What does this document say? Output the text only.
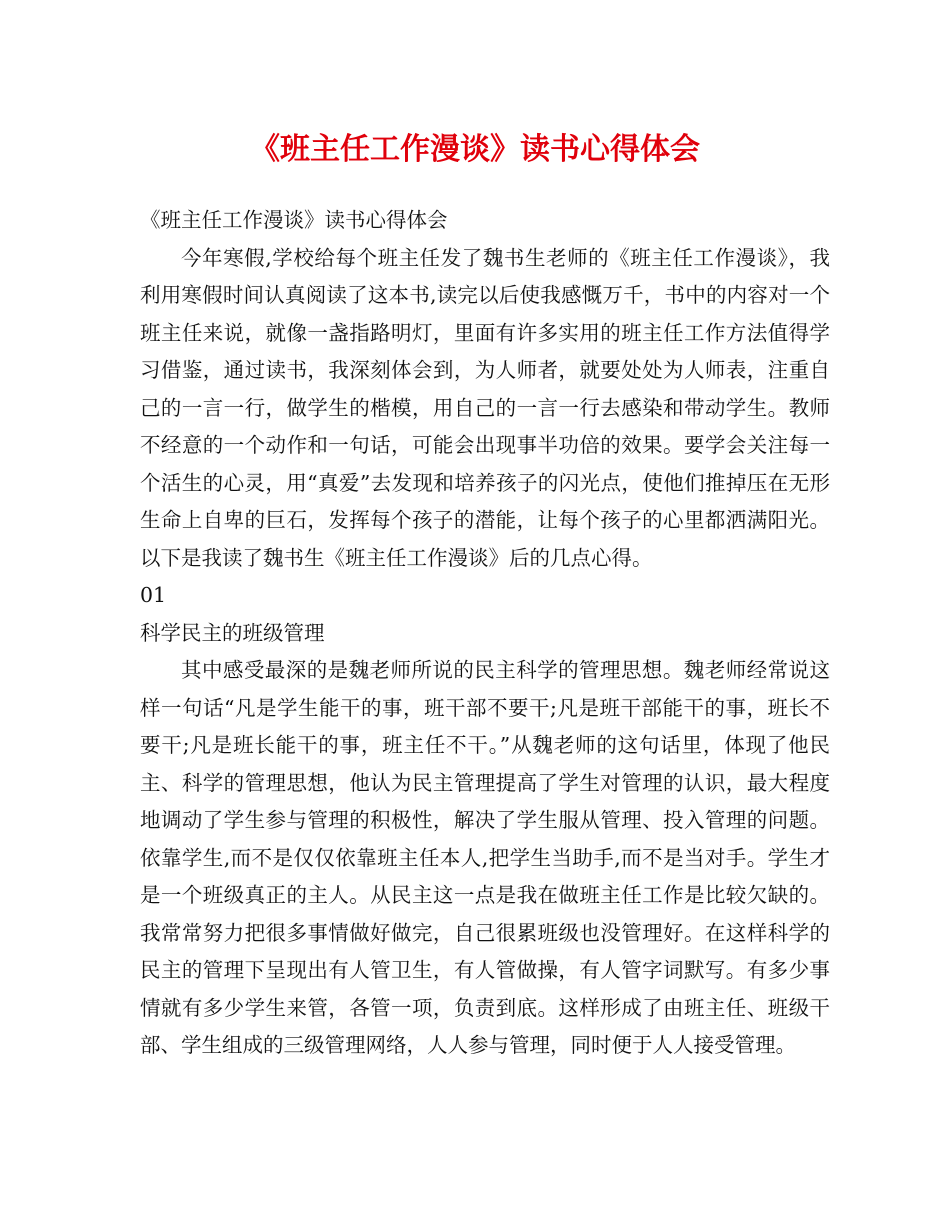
《班主任工作漫谈》读书心得体会

《班主任工作漫谈》读书心得体会

今年寒假,学校给每个班主任发了魏书生老师的《班主任工作漫谈》，我利用寒假时间认真阅读了这本书,读完以后使我感慨万千，书中的内容对一个班主任来说，就像一盏指路明灯，里面有许多实用的班主任工作方法值得学习借鉴，通过读书，我深刻体会到，为人师者，就要处处为人师表，注重自己的一言一行，做学生的楷模，用自己的一言一行去感染和带动学生。教师不经意的一个动作和一句话，可能会出现事半功倍的效果。要学会关注每一个活生的心灵，用“真爱”去发现和培养孩子的闪光点，使他们推掉压在无形生命上自卑的巨石，发挥每个孩子的潜能，让每个孩子的心里都洒满阳光。以下是我读了魏书生《班主任工作漫谈》后的几点心得。

01

科学民主的班级管理

其中感受最深的是魏老师所说的民主科学的管理思想。魏老师经常说这样一句话“凡是学生能干的事，班干部不要干;凡是班干部能干的事，班长不要干;凡是班长能干的事，班主任不干。”从魏老师的这句话里，体现了他民主、科学的管理思想，他认为民主管理提高了学生对管理的认识，最大程度地调动了学生参与管理的积极性，解决了学生服从管理、投入管理的问题。依靠学生,而不是仅仅依靠班主任本人,把学生当助手,而不是当对手。学生才是一个班级真正的主人。从民主这一点是我在做班主任工作是比较欠缺的。我常常努力把很多事情做好做完，自己很累班级也没管理好。在这样科学的民主的管理下呈现出有人管卫生，有人管做操，有人管字词默写。有多少事情就有多少学生来管，各管一项，负责到底。这样形成了由班主任、班级干部、学生组成的三级管理网络，人人参与管理，同时便于人人接受管理。
